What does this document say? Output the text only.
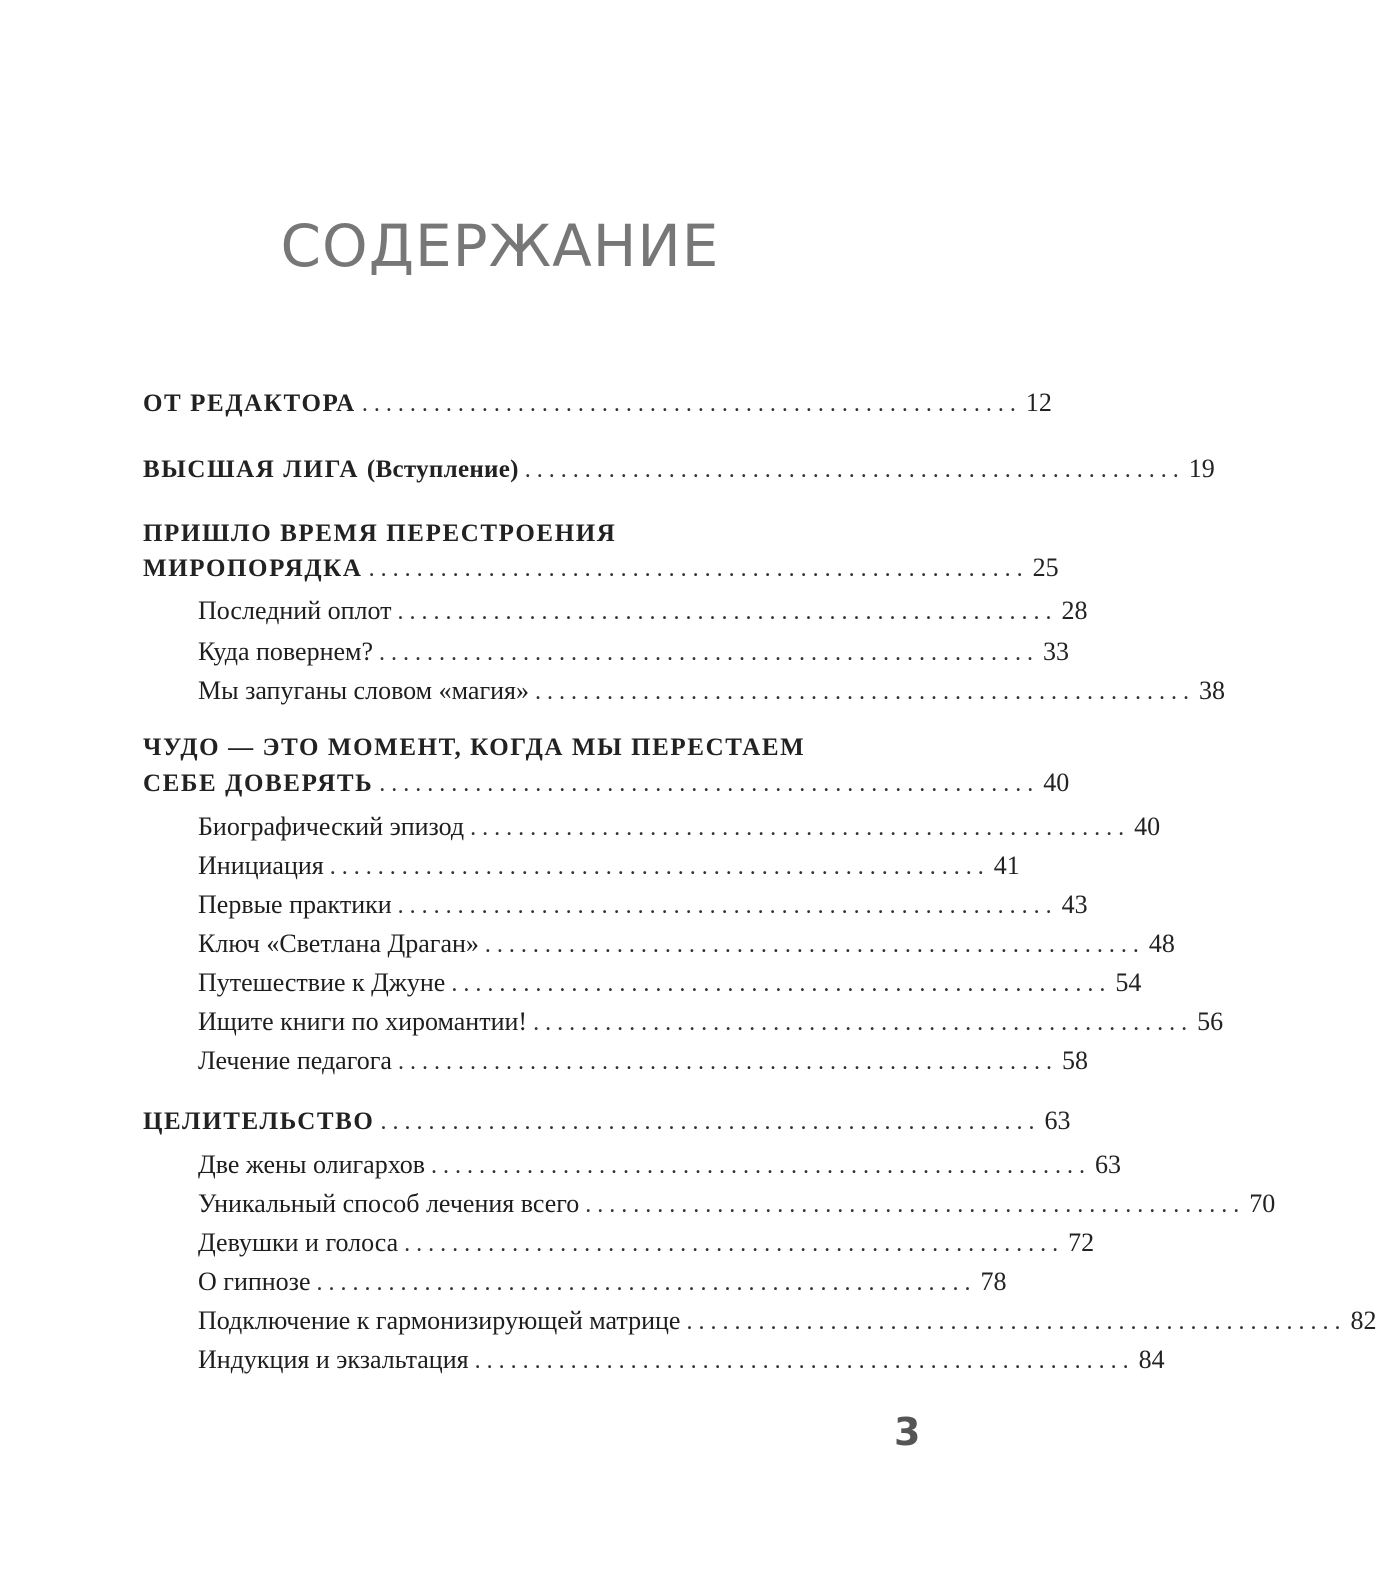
СОДЕРЖАНИЕ
ОТ РЕДАКТОРА ....................................................... 12
ВЫСШАЯ ЛИГА (Вступление) ....................................................... 19
ПРИШЛО ВРЕМЯ ПЕРЕСТРОЕНИЯ
МИРОПОРЯДКА ....................................................... 25
Последний оплот ....................................................... 28
Куда повернем? ....................................................... 33
Мы запуганы словом «магия» ....................................................... 38
ЧУДО — ЭТО МОМЕНТ, КОГДА МЫ ПЕРЕСТАЕМ
СЕБЕ ДОВЕРЯТЬ ....................................................... 40
Биографический эпизод ....................................................... 40
Инициация ....................................................... 41
Первые практики ....................................................... 43
Ключ «Светлана Драган» ....................................................... 48
Путешествие к Джуне ....................................................... 54
Ищите книги по хиромантии! ....................................................... 56
Лечение педагога ....................................................... 58
ЦЕЛИТЕЛЬСТВО ....................................................... 63
Две жены олигархов ....................................................... 63
Уникальный способ лечения всего ....................................................... 70
Девушки и голоса ....................................................... 72
О гипнозе ....................................................... 78
Подключение к гармонизирующей матрице ....................................................... 82
Индукция и экзальтация ....................................................... 84
3
